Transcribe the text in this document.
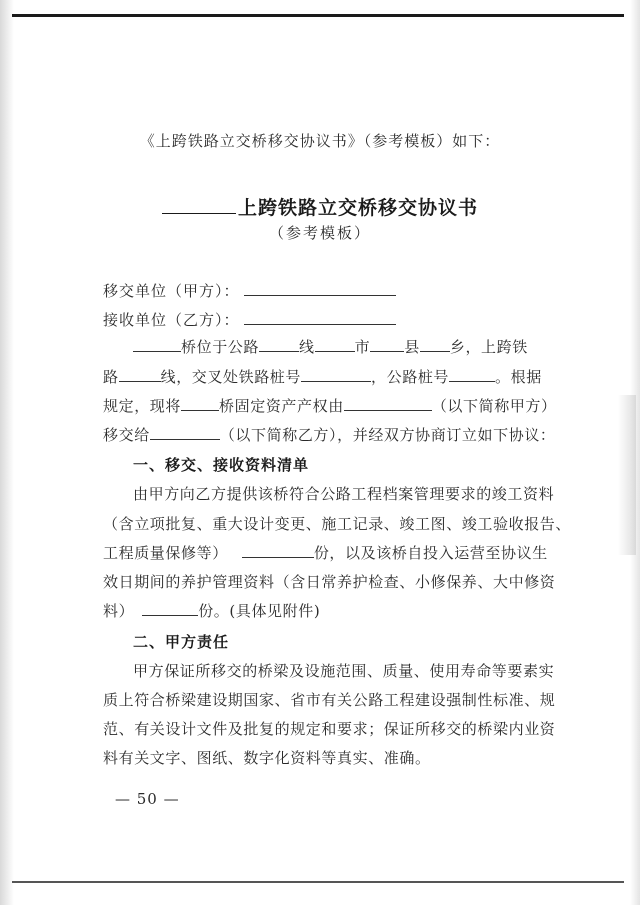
《上跨铁路立交桥移交协议书》（参考模板）如下：
上跨铁路立交桥移交协议书
（参考模板）
移交单位（甲方）：
接收单位（乙方）：
桥位于公路	线	市 县 乡，上跨铁
路	线，交叉处铁路桩号	，公路桩号	。根据
规定，现将	桥固定资产产权由	（以下简称甲方）
移交给	（以下简称乙方），并经双方协商订立如下协议：
一、移交、接收资料清单
由甲方向乙方提供该桥符合公路工程档案管理要求的竣工资料
（含立项批复、重大设计变更、施工记录、竣工图、竣工验收报告、
工程质量保修等）	份，以及该桥自投入运营至协议生
效日期间的养护管理资料（含日常养护检查、小修保养、大中修资
料）	份。(具体见附件)
二、甲方责任
甲方保证所移交的桥梁及设施范围、质量、使用寿命等要素实
质上符合桥梁建设期国家、省市有关公路工程建设强制性标准、规
范、有关设计文件及批复的规定和要求；保证所移交的桥梁内业资
料有关文字、图纸、数字化资料等真实、准确。
— 50 —
